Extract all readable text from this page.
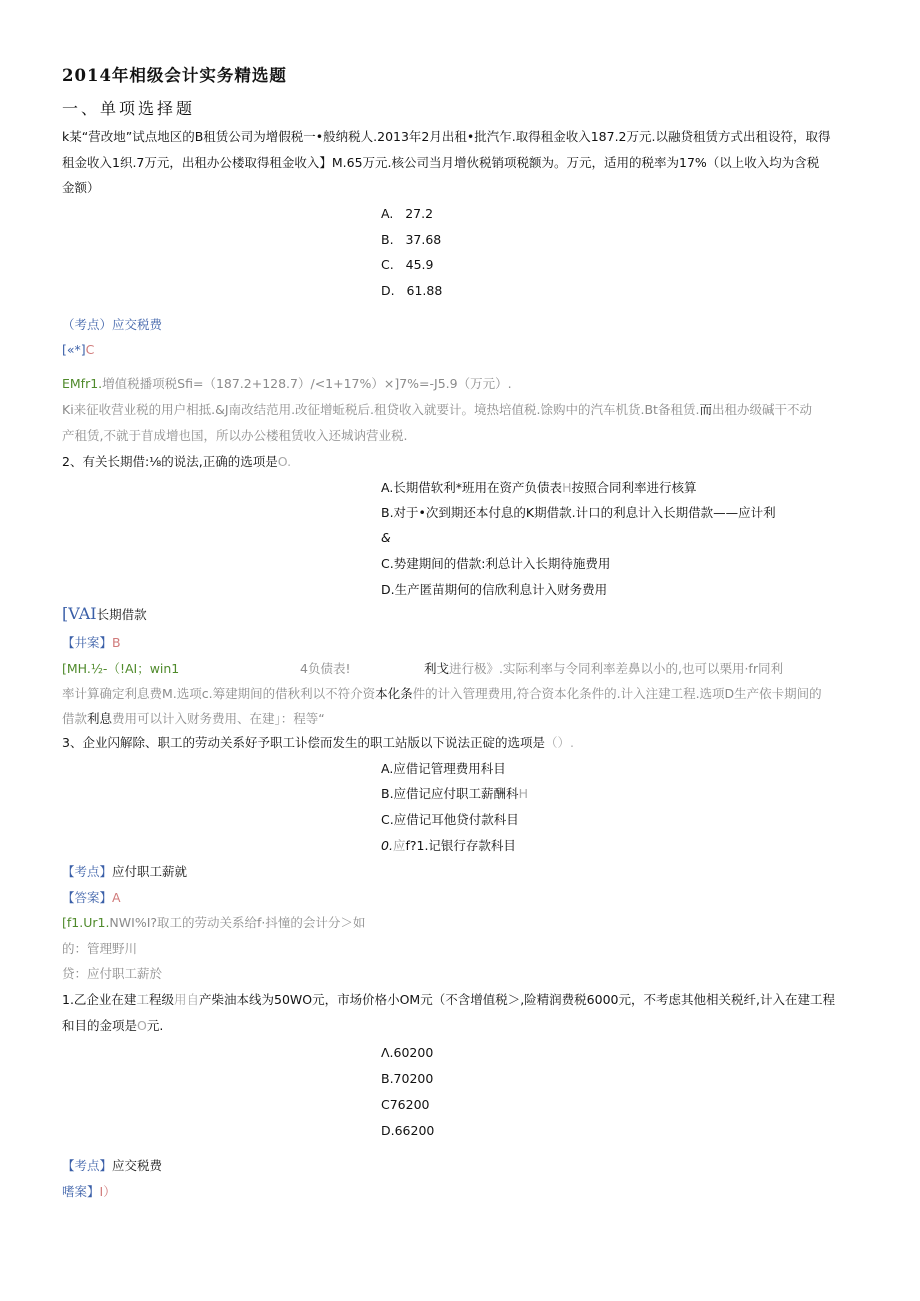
2014年相级会计实务精选题
一、单项选择题
k某“营改地”试点地区的B租赁公司为增假税一•般纳税人.2013年2月出租•批汽乍.取得租金收入187.2万元.以融贷租赁方式出租设符，取得
租金收入1织.7万元，出租办公楼取得租金收入】M.65万元.核公司当月增伙税销项税额为。万元，适用的税率为17%（以上收入均为含税
金额）
A.   27.2
B.   37.68
C.   45.9
D.   61.88
（考点）应交税费
[«*]C
EMfr1.増值税播项税Sfi=（187.2+128.7）/<1+17%）×]7%=-J5.9（万元）.
Ki来征收营业税的用户相抵.&J南改结范用.改征增蚯税后.租贷收入就要计。境热培值税.馀购中的汽车机货.Bt备租赁.而出租办级碱干不动
产租赁,不就于苜成增也国，所以办公楼租赁收入还城讷营业税.
2、有关长期借:⅛的说法,正确的选项是O.
A.长期借软利*班用在资产负债表H按照合同利率进行核算
B.对于•次到期还本付息的K期借款.计口的利息计入长期借款——应计利
&
C.势建期间的借款:利总计入长期待施费用
D.生产匿苗期何的信欣利息计入财务费用
[VAI长期借款
【井案】B
[MH.½-（!AI；win1	4负债表!	利戈进行极》.实际利率与令同利率差鼻以小的,也可以栗用·fr同利
率计算确定利息费M.选项c.筹建期间的借秋利以不符介资本化条件的计入管理费用,符合资本化条件的.计入注建工程.选项D生产依卡期间的
借款利息费用可以计入财务费用、在建」：程等“
3、企业闪解除、职工的劳动关系好予职工讣偿而发生的职工站版以下说法正碇的选项是（）.
A.应借记管理费用科目
B.应借记应付职工薪酬科H
C.应借记耳他贷付款科目
0.应f?1.记银行存款科目
【考点】应付职工薪就
【答案】A
[f1.Ur1.NWI%I?取工的劳动关系给f·抖憧的会计分＞如
的：管理野川
贷：应付职工薪於
1.乙企业在建工程级用自产柴油本线为50WO元，市场价格小OM元（不含增值税＞,险精润费税6000元，不考虑其他相关税纤,计入在建工程
和目的金项是O元.
Λ.60200
B.70200
C76200
D.66200
【考点】应交税费
嗜案】I）
